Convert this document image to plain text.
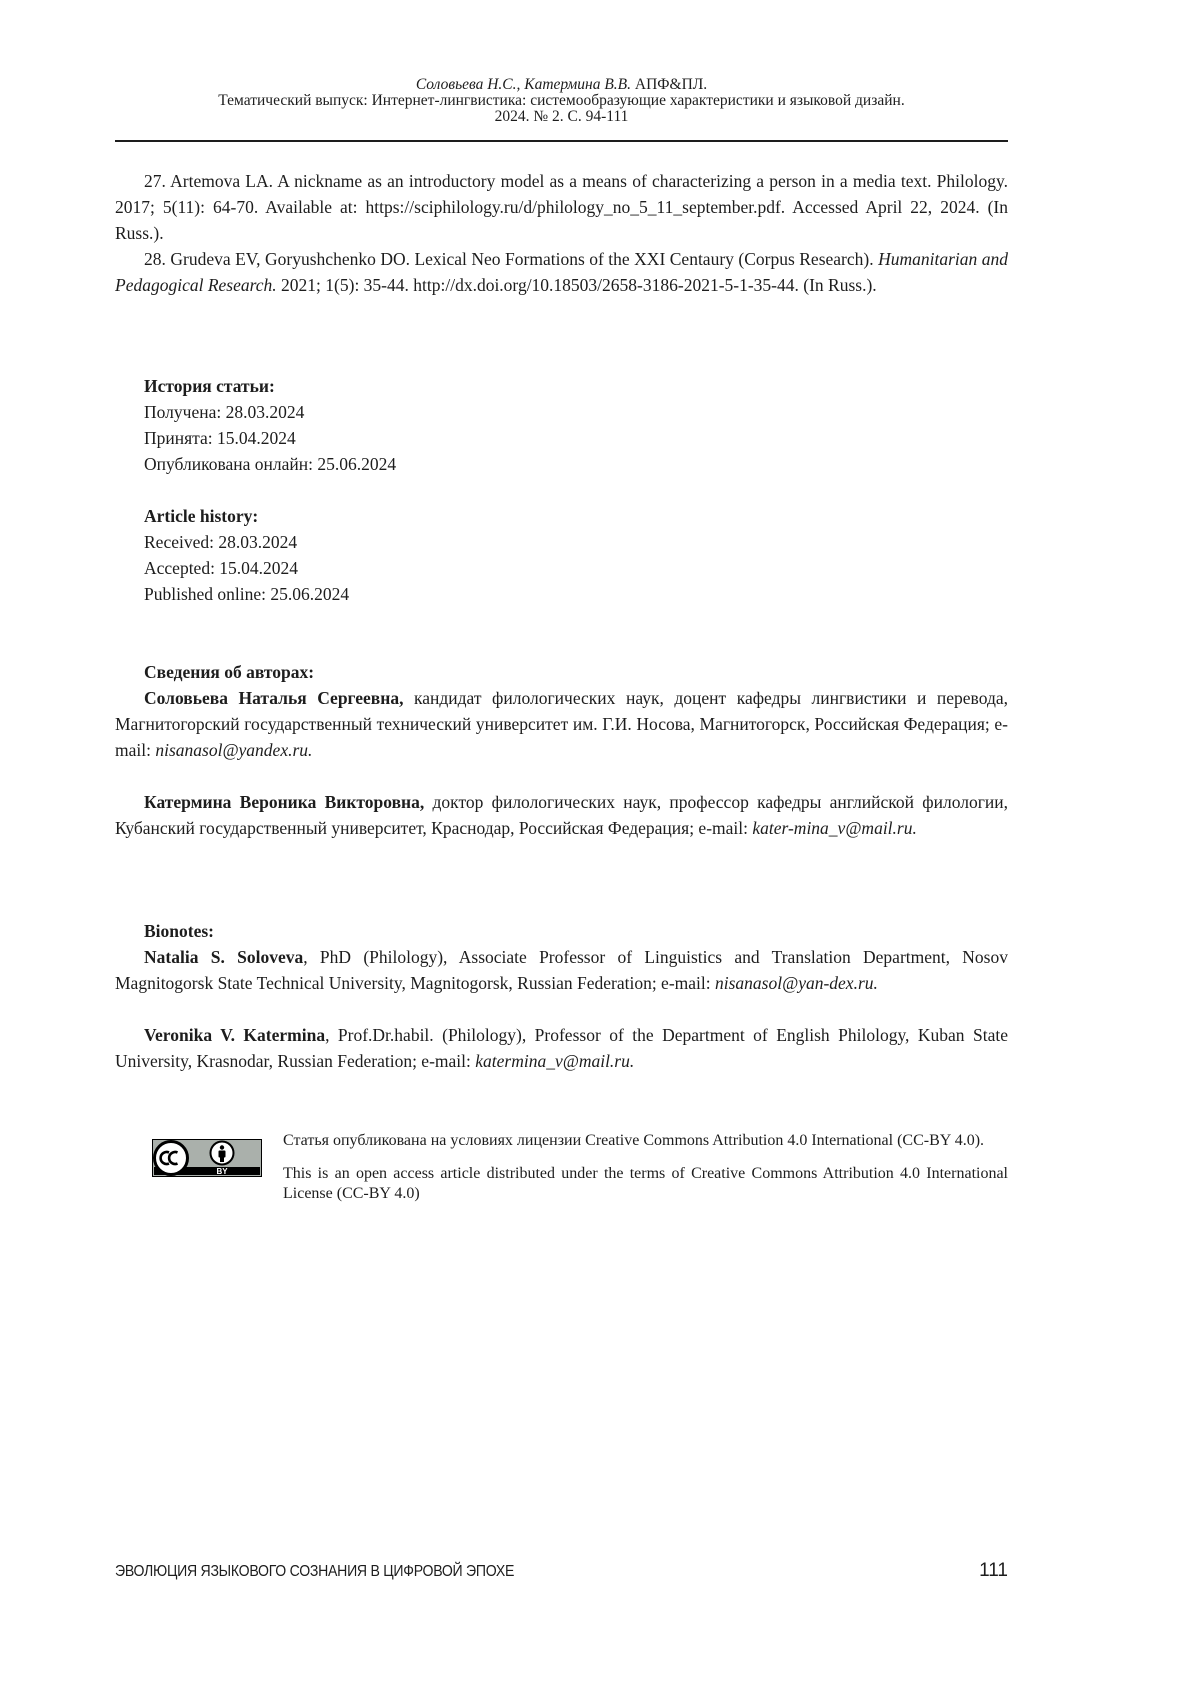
Соловьева Н.С., Катермина В.В. АПФ&ПЛ.
Тематический выпуск: Интернет-лингвистика: системообразующие характеристики и языковой дизайн.
2024. № 2. С. 94-111

27. Artemova LA. A nickname as an introductory model as a means of characterizing a person in a media text. Philology. 2017; 5(11): 64-70. Available at: https://sciphilology.ru/d/philology_no_5_11_september.pdf. Accessed April 22, 2024. (In Russ.).

28. Grudeva EV, Goryushchenko DO. Lexical Neo Formations of the XXI Centaury (Corpus Research). Humanitarian and Pedagogical Research. 2021; 1(5): 35-44. http://dx.doi.org/10.18503/2658-3186-2021-5-1-35-44. (In Russ.).

История статьи:
Получена: 28.03.2024
Принята: 15.04.2024
Опубликована онлайн: 25.06.2024
Article history:
Received: 28.03.2024
Accepted: 15.04.2024
Published online: 25.06.2024
Сведения об авторах:

Соловьева Наталья Сергеевна, кандидат филологических наук, доцент кафедры лингвистики и перевода, Магнитогорский государственный технический университет им. Г.И. Носова, Магнитогорск, Российская Федерация; e-mail: nisanasol@yandex.ru.

Катермина Вероника Викторовна, доктор филологических наук, профессор кафедры английской филологии, Кубанский государственный университет, Краснодар, Российская Федерация; e-mail: kater-mina_v@mail.ru.

Bionotes:

Natalia S. Soloveva, PhD (Philology), Associate Professor of Linguistics and Translation Department, Nosov Magnitogorsk State Technical University, Magnitogorsk, Russian Federation; e-mail: nisanasol@yan-dex.ru.

Veronika V. Katermina, Prof.Dr.habil. (Philology), Professor of the Department of English Philology, Kuban State University, Krasnodar, Russian Federation; e-mail: katermina_v@mail.ru.

BY

Статья опубликована на условиях лицензии Creative Commons Attribution 4.0 International (CC-BY 4.0).

This is an open access article distributed under the terms of Creative Commons Attribution 4.0 International License (CC-BY 4.0)

ЭВОЛЮЦИЯ ЯЗЫКОВОГО СОЗНАНИЯ В ЦИФРОВОЙ ЭПОХЕ	111
